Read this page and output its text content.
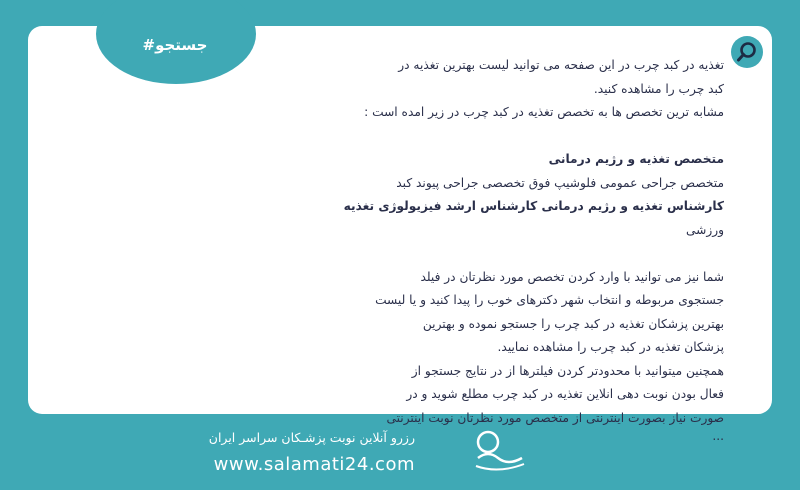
#جستجو
تغذیه در کبد چرب در این صفحه می توانید لیست بهترین تغذیه در
کبد چرب را مشاهده کنید.
مشابه ترین تخصص ها به تخصص تغذیه در کبد چرب در زیر امده است :
متخصص تغذیه و رژیم درمانی
متخصص جراحی عمومی فلوشیپ فوق تخصصی جراحی پیوند کبد
کارشناس تغذیه و رژیم درمانی کارشناس ارشد فیزیولوژی تغذیه
ورزشی
شما نیز می توانید با وارد کردن تخصص مورد نظرتان در فیلد
جستجوی مربوطه و انتخاب شهر دکترهای خوب را پیدا کنید و یا لیست
بهترین پزشکان تغذیه در کبد چرب را جستجو نموده و بهترین
پزشکان تغذیه در کبد چرب را مشاهده نمایید.
همچنین میتوانید با محدودتر کردن فیلترها از در نتایج جستجو از
فعال بودن نوبت دهی انلاین تغذیه در کبد چرب مطلع شوید و در
صورت نیاز بصورت اینترنتی از متخصص مورد نظرتان نوبت اینترنتی
...
رزرو آنلاین نوبت پزشـکان سراسر ایران
www.salamati24.com
